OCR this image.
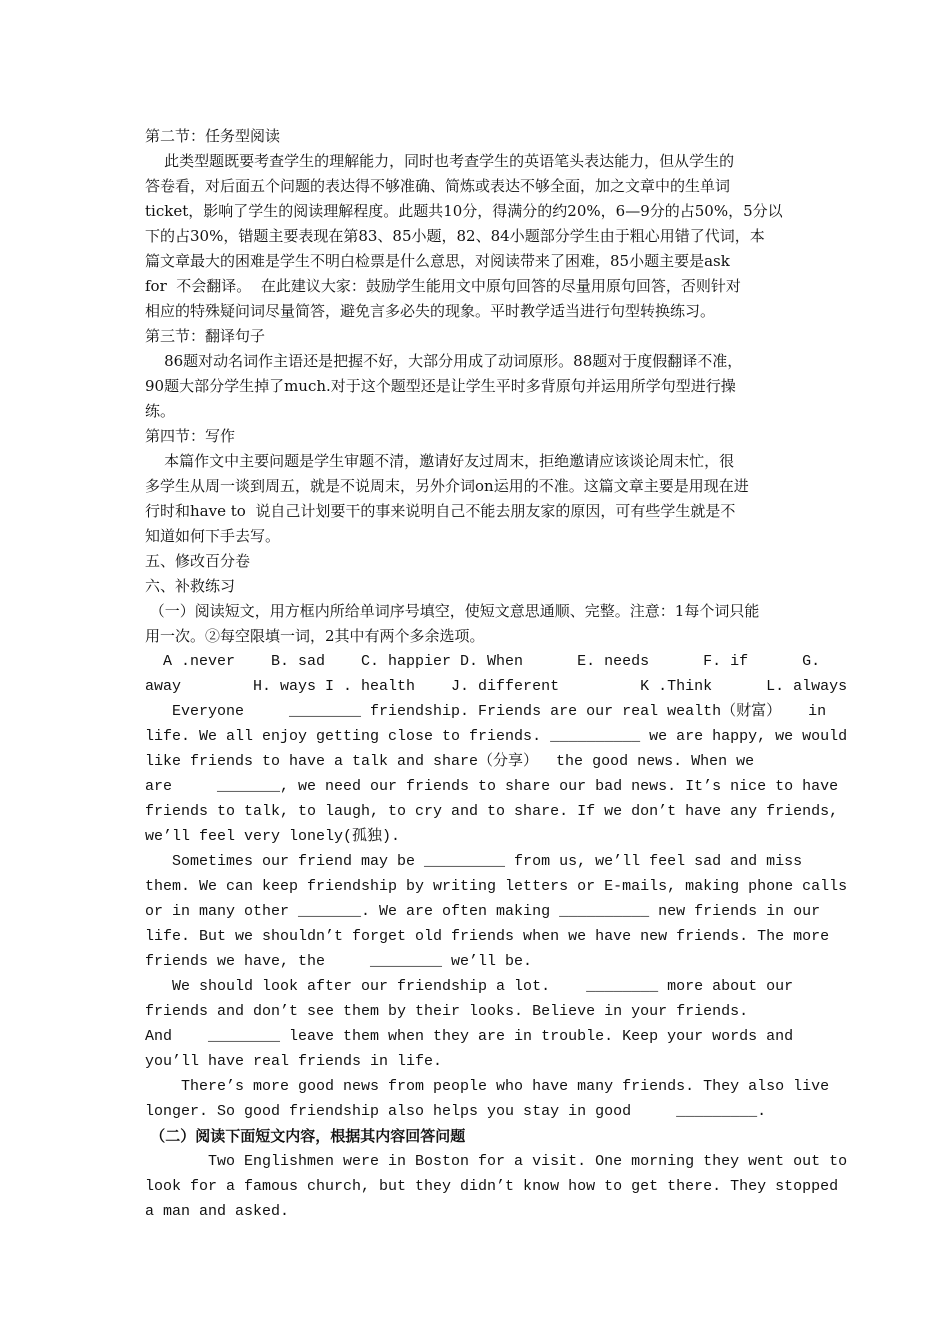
第二节：任务型阅读
此类型题既要考查学生的理解能力，同时也考查学生的英语笔头表达能力，但从学生的
答卷看，对后面五个问题的表达得不够准确、简炼或表达不够全面，加之文章中的生单词
ticket，影响了学生的阅读理解程度。此题共10分，得满分的约20%，6—9分的占50%，5分以
下的占30%，错题主要表现在第83、85小题，82、84小题部分学生由于粗心用错了代词，本
篇文章最大的困难是学生不明白检票是什么意思，对阅读带来了困难，85小题主要是ask
for  不会翻译。  在此建议大家：鼓励学生能用文中原句回答的尽量用原句回答，否则针对
相应的特殊疑问词尽量简答，避免言多必失的现象。平时教学适当进行句型转换练习。
第三节：翻译句子
86题对动名词作主语还是把握不好，大部分用成了动词原形。88题对于度假翻译不准，
90题大部分学生掉了much.对于这个题型还是让学生平时多背原句并运用所学句型进行操
练。
第四节：写作
本篇作文中主要问题是学生审题不清，邀请好友过周末，拒绝邀请应该谈论周末忙，很
多学生从周一谈到周五，就是不说周末，另外介词on运用的不准。这篇文章主要是用现在进
行时和have to  说自己计划要干的事来说明自己不能去朋友家的原因，可有些学生就是不
知道如何下手去写。
五、修改百分卷
六、补救练习
（一）阅读短文，用方框内所给单词序号填空，使短文意思通顺、完整。注意：1每个词只能
用一次。②每空限填一词，2其中有两个多余选项。
A .never    B. sad    C. happier D. When      E. needs      F. if      G.
away        H. ways I . health    J. different         K .Think      L. always
Everyone     ________ friendship. Friends are our real wealth（财富）   in
life. We all enjoy getting close to friends. __________ we are happy, we would
like friends to have a talk and share（分享）  the good news. When we
are     _______, we need our friends to share our bad news. It’s nice to have
friends to talk, to laugh, to cry and to share. If we don’t have any friends,
we’ll feel very lonely(孤独).
Sometimes our friend may be _________ from us, we’ll feel sad and miss
them. We can keep friendship by writing letters or E-mails, making phone calls
or in many other _______. We are often making __________ new friends in our
life. But we shouldn’t forget old friends when we have new friends. The more
friends we have, the     ________ we’ll be.
We should look after our friendship a lot.    ________ more about our
friends and don’t see them by their looks. Believe in your friends.
And    ________ leave them when they are in trouble. Keep your words and
you’ll have real friends in life.
There’s more good news from people who have many friends. They also live
longer. So good friendship also helps you stay in good     _________.
（二）阅读下面短文内容，根据其内容回答问题
Two Englishmen were in Boston for a visit. One morning they went out to
look for a famous church, but they didn’t know how to get there. They stopped
a man and asked.
